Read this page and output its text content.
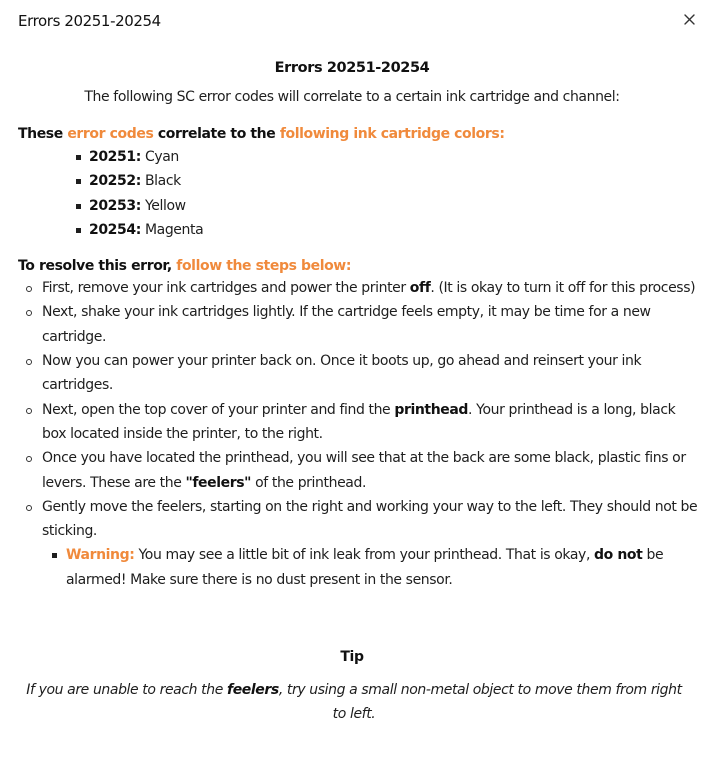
Errors 20251-20254
Errors 20251-20254
The following SC error codes will correlate to a certain ink cartridge and channel:
These error codes correlate to the following ink cartridge colors:
20251: Cyan
20252: Black
20253: Yellow
20254: Magenta
To resolve this error, follow the steps below:
First, remove your ink cartridges and power the printer off. (It is okay to turn it off for this process)
Next, shake your ink cartridges lightly. If the cartridge feels empty, it may be time for a new cartridge.
Now you can power your printer back on. Once it boots up, go ahead and reinsert your ink cartridges.
Next, open the top cover of your printer and find the printhead. Your printhead is a long, black box located inside the printer, to the right.
Once you have located the printhead, you will see that at the back are some black, plastic fins or levers. These are the "feelers" of the printhead.
Gently move the feelers, starting on the right and working your way to the left. They should not be sticking.
Warning: You may see a little bit of ink leak from your printhead. That is okay, do not be alarmed! Make sure there is no dust present in the sensor.
Tip
If you are unable to reach the feelers, try using a small non-metal object to move them from right to left.
